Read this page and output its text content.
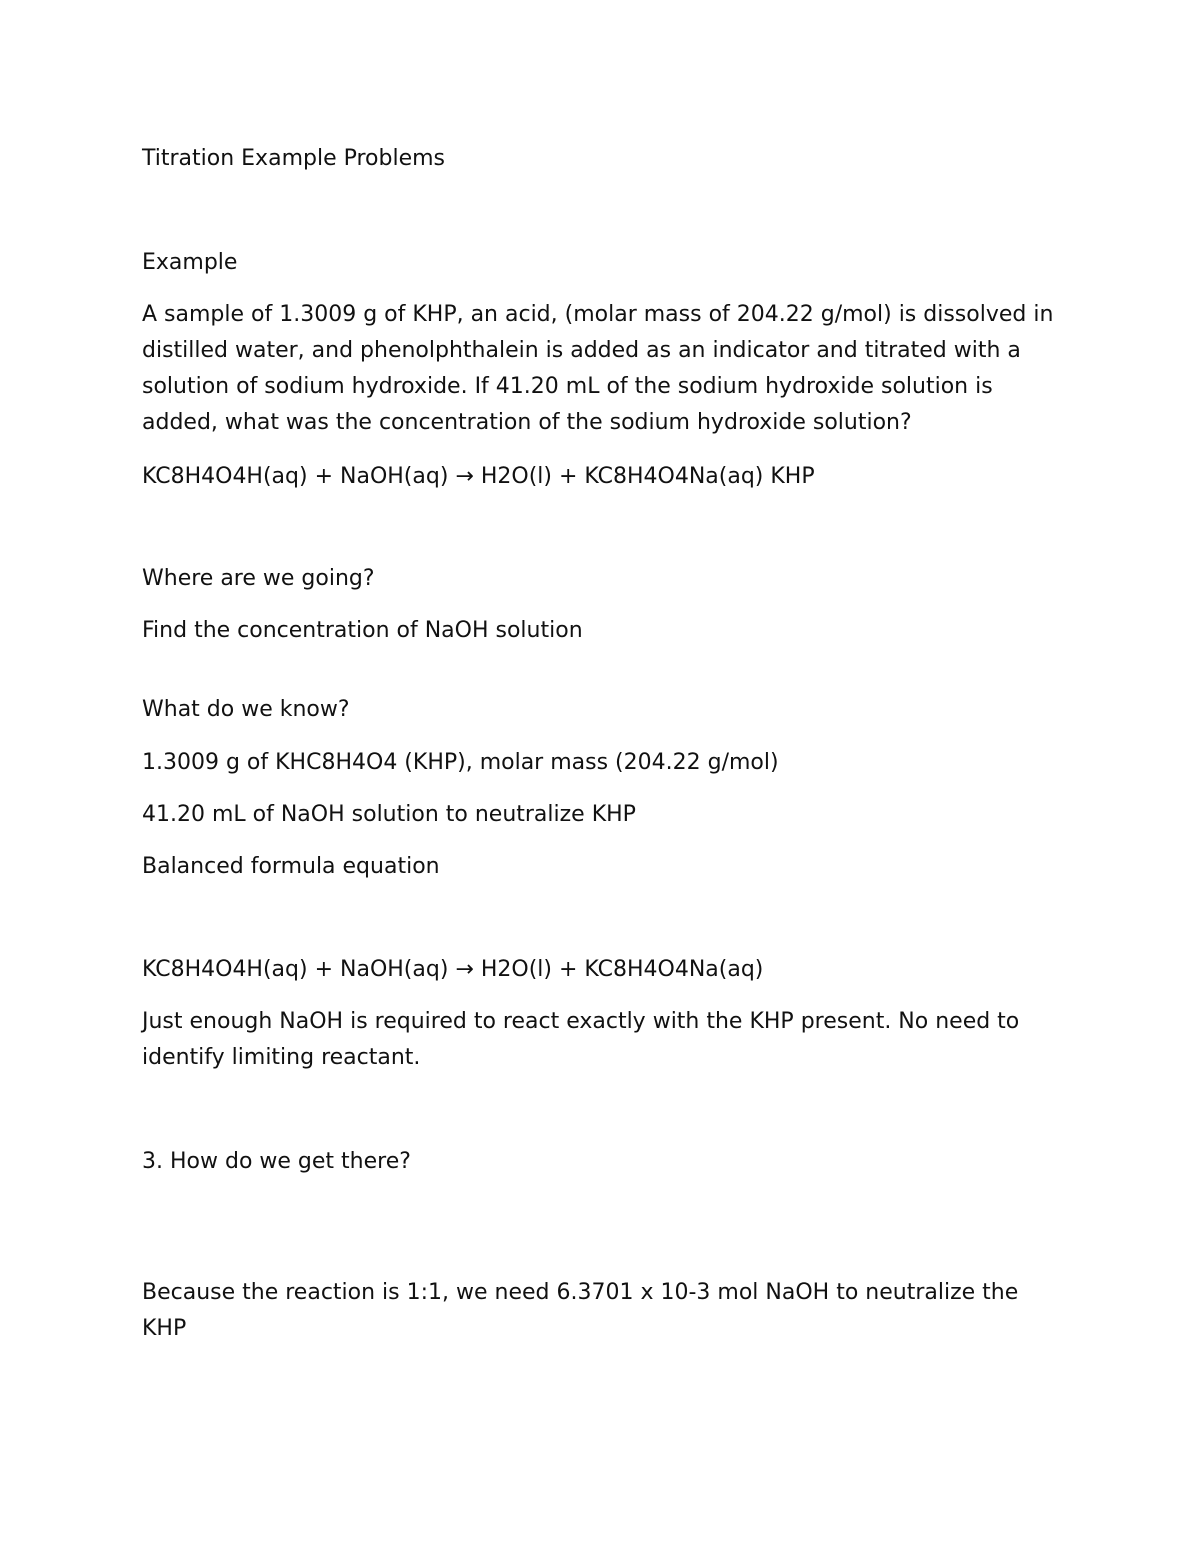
Titration Example Problems

Example

A sample of 1.3009 g of KHP, an acid, (molar mass of 204.22 g/mol) is dissolved in distilled water, and phenolphthalein is added as an indicator and titrated with a solution of sodium hydroxide. If 41.20 mL of the sodium hydroxide solution is added, what was the concentration of the sodium hydroxide solution?

KC8H4O4H(aq) + NaOH(aq) → H2O(l) + KC8H4O4Na(aq) KHP

Where are we going?

Find the concentration of NaOH solution

What do we know?

1.3009 g of KHC8H4O4 (KHP), molar mass (204.22 g/mol)

41.20 mL of NaOH solution to neutralize KHP

Balanced formula equation

KC8H4O4H(aq) + NaOH(aq) → H2O(l) + KC8H4O4Na(aq)

Just enough NaOH is required to react exactly with the KHP present. No need to identify limiting reactant.

3. How do we get there?

Because the reaction is 1:1, we need 6.3701 x 10-3 mol NaOH to neutralize the KHP
